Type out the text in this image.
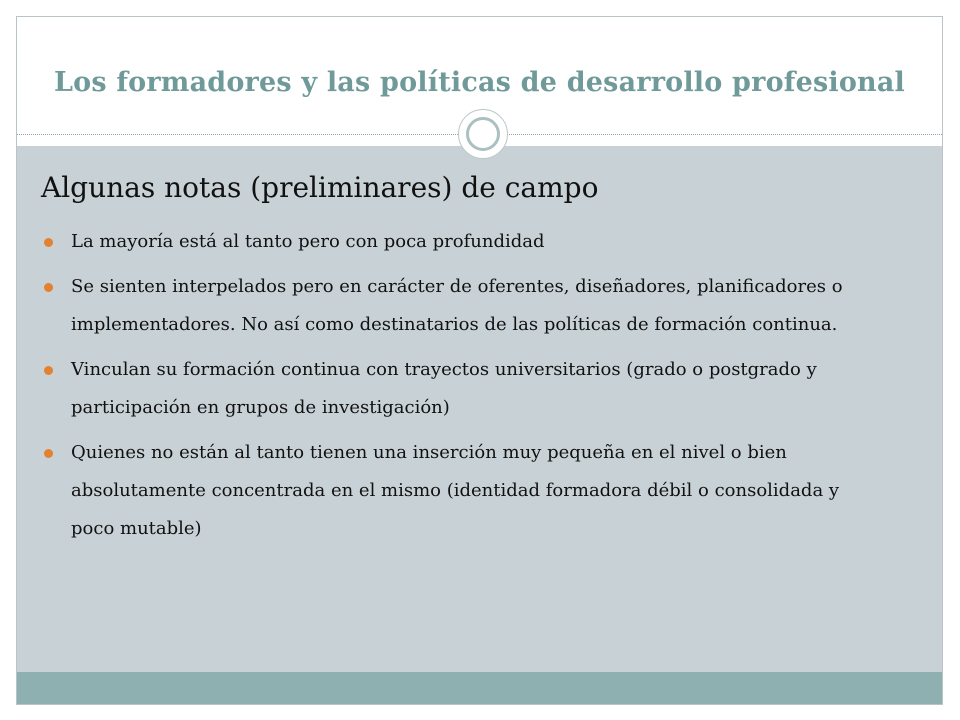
Los formadores y las políticas de desarrollo profesional
Algunas notas (preliminares) de campo
La mayoría está al tanto pero con poca profundidad
Se sienten interpelados pero en carácter de oferentes, diseñadores, planificadores o implementadores. No así como destinatarios de las políticas de formación continua.
Vinculan su formación continua con trayectos universitarios (grado o postgrado y participación en grupos de investigación)
Quienes no están al tanto tienen una inserción muy pequeña en el nivel o bien absolutamente concentrada en el mismo (identidad formadora débil o consolidada y poco mutable)
